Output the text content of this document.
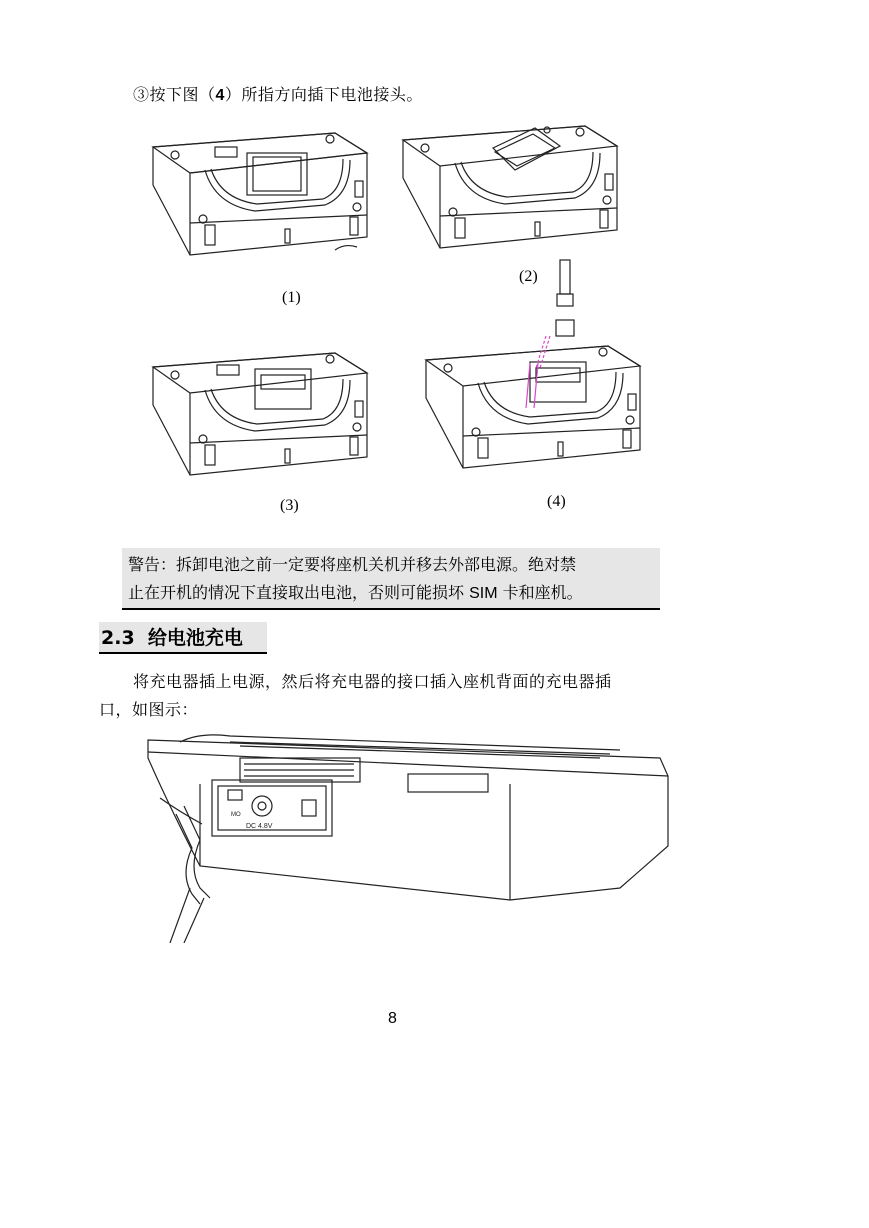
③按下图（4）所指方向插下电池接头。
(1)
(2)
(3)	(4)
警告：拆卸电池之前一定要将座机关机并移去外部电源。绝对禁
止在开机的情况下直接取出电池，否则可能损坏 SIM 卡和座机。
2.3 给电池充电
将充电器插上电源，然后将充电器的接口插入座机背面的充电器插
口，如图示：
MO
DC 4.8V
8
